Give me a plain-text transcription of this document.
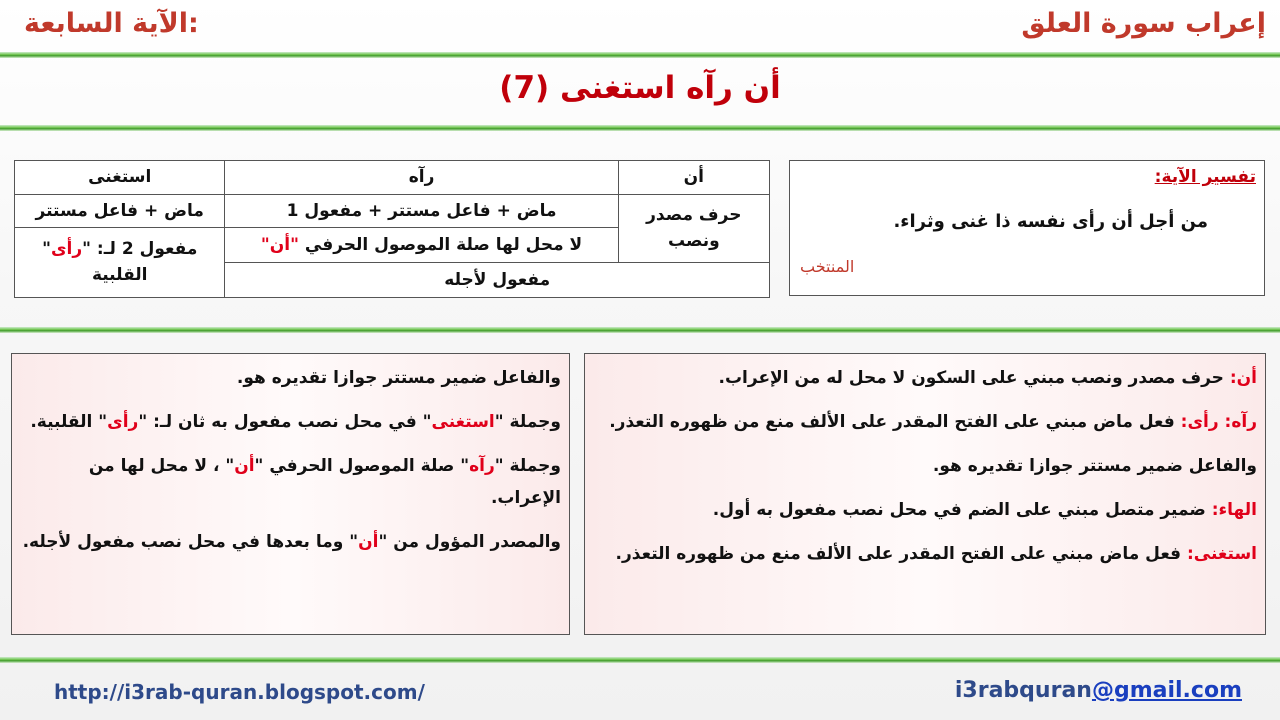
إعراب سورة العلق
الآية السابعة:
أن رآه استغنى (7)
أن	رآه	استغنى
حرف مصدر ونصب	ماض + فاعل مستتر + مفعول 1	ماض + فاعل مستتر
	لا محل لها صلة الموصول الحرفي "أن"	مفعول 2 لـ: "رأى" القلبية
مفعول لأجله		
تفسير الآية:
من أجل أن رأى نفسه ذا غنى وثراء.
المنتخب

أن: حرف مصدر ونصب مبني على السكون لا محل له من الإعراب.

رآه: رأى: فعل ماض مبني على الفتح المقدر على الألف منع من ظهوره التعذر.

والفاعل ضمير مستتر جوازا تقديره هو.

الهاء: ضمير متصل مبني على الضم في محل نصب مفعول به أول.

استغنى: فعل ماض مبني على الفتح المقدر على الألف منع من ظهوره التعذر.

والفاعل ضمير مستتر جوازا تقديره هو.

وجملة "استغنى" في محل نصب مفعول به ثان لـ: "رأى" القلبية.

وجملة "رآه" صلة الموصول الحرفي "أن" ، لا محل لها من الإعراب.

والمصدر المؤول من "أن" وما بعدها في محل نصب مفعول لأجله.

http://i3rab-quran.blogspot.com/	i3rabquran@gmail.com
